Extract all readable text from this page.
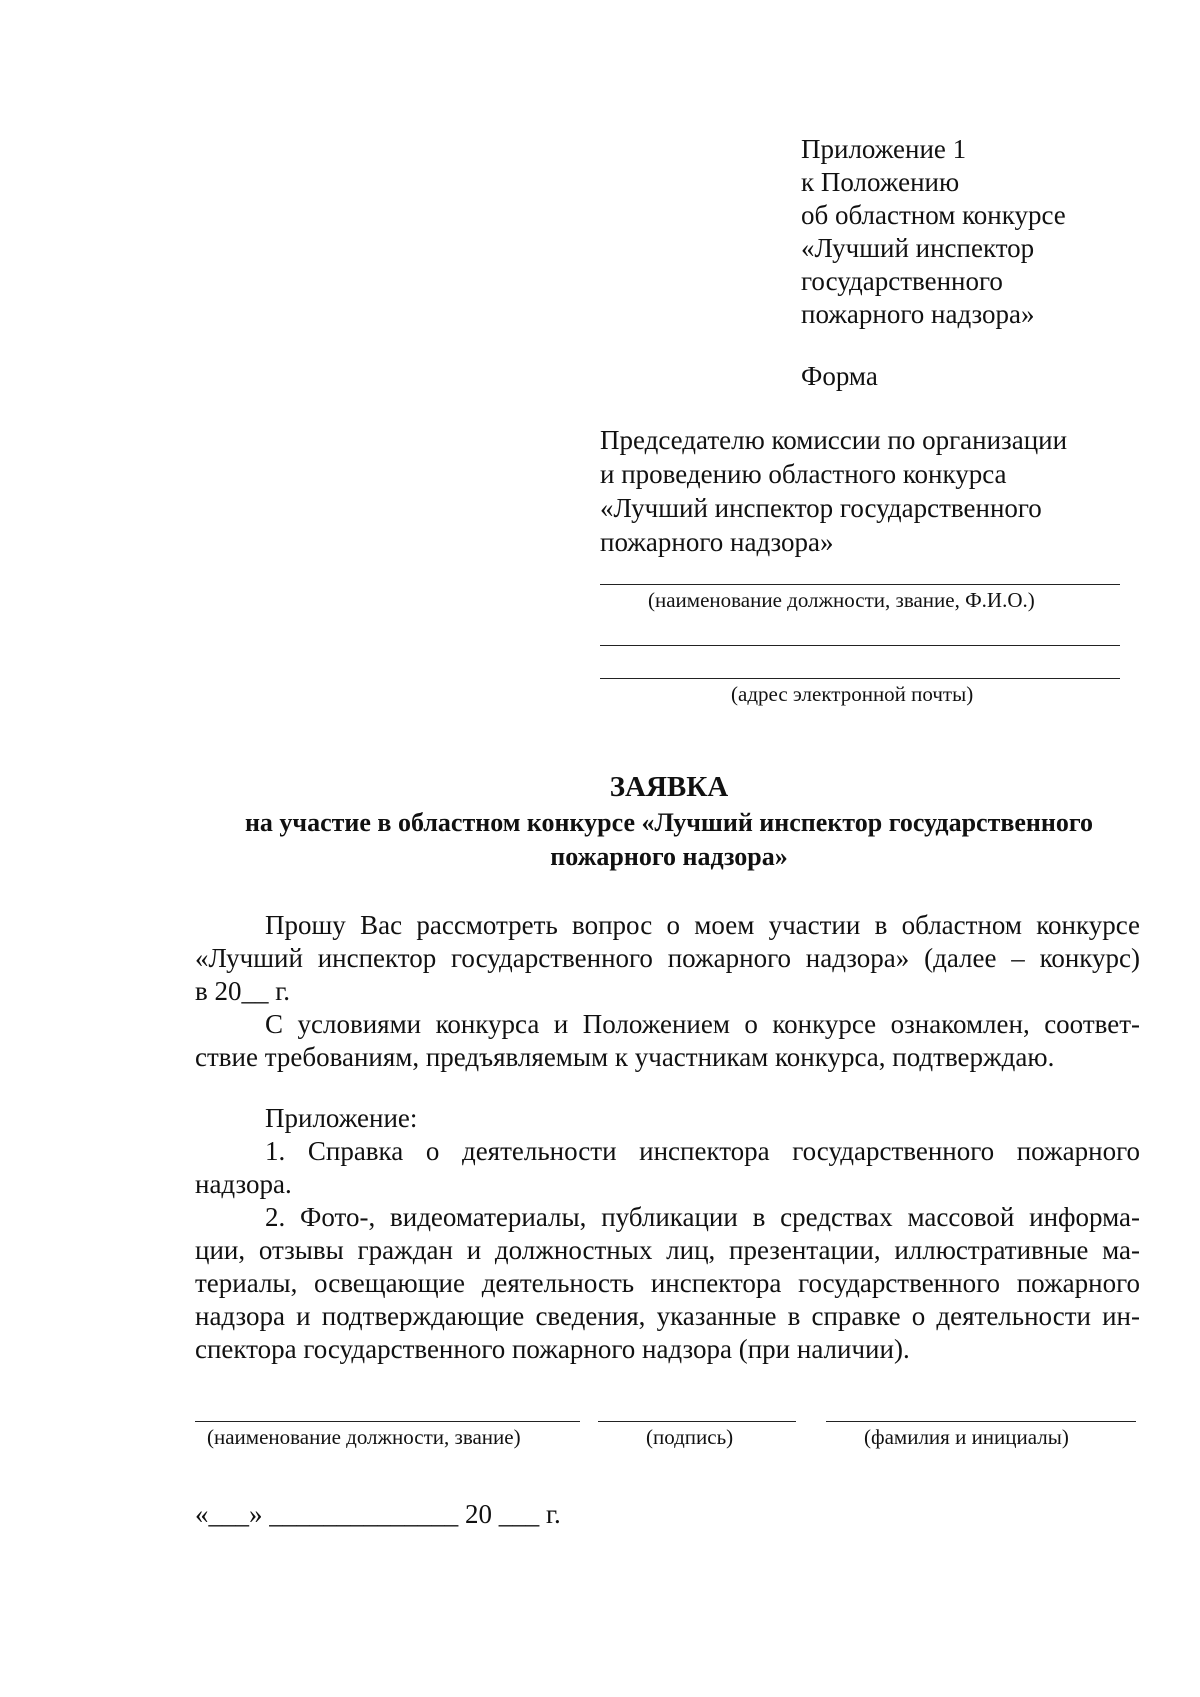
Приложение 1
к Положению
об областном конкурсе
«Лучший инспектор
государственного
пожарного надзора»
Форма
Председателю комиссии по организации
и проведению областного конкурса
«Лучший инспектор государственного
пожарного надзора»
(наименование должности, звание, Ф.И.О.)
(адрес электронной почты)
ЗАЯВКА
на участие в областном конкурсе «Лучший инспектор государственного
пожарного надзора»
Прошу Вас рассмотреть вопрос о моем участии в областном конкурсе
«Лучший инспектор государственного пожарного надзора» (далее – конкурс)
в 20__ г.
С условиями конкурса и Положением о конкурсе ознакомлен, соответ-
ствие требованиям, предъявляемым к участникам конкурса, подтверждаю.
Приложение:
1. Справка о деятельности инспектора государственного пожарного
надзора.
2. Фото-, видеоматериалы, публикации в средствах массовой информа-
ции, отзывы граждан и должностных лиц, презентации, иллюстративные ма-
териалы, освещающие деятельность инспектора государственного пожарного
надзора и подтверждающие сведения, указанные в справке о деятельности ин-
спектора государственного пожарного надзора (при наличии).
(наименование должности, звание)	(подпись)	(фамилия и инициалы)
«___» ______________ 20 ___ г.
